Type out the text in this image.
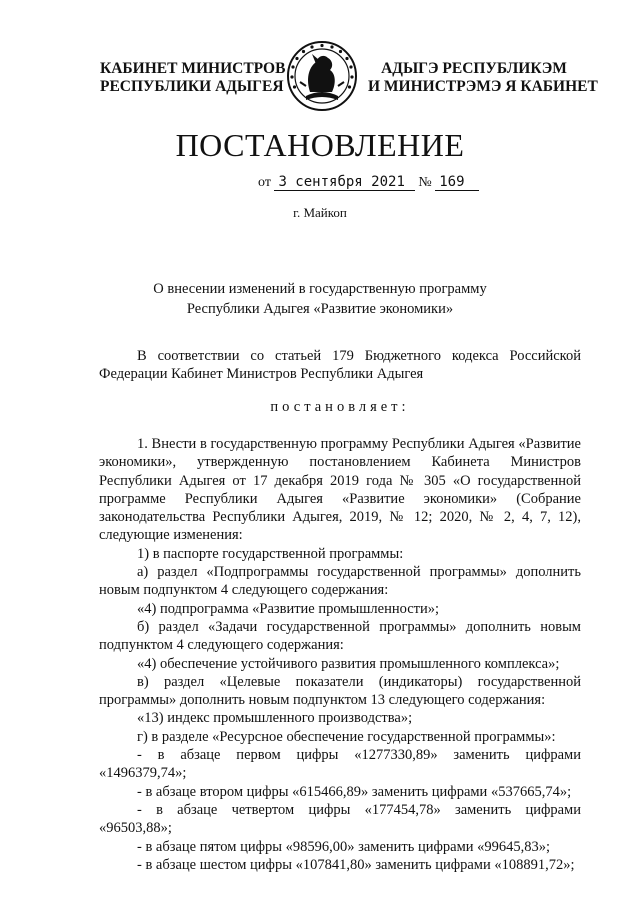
КАБИНЕТ МИНИСТРОВ
РЕСПУБЛИКИ АДЫГЕЯ
АДЫГЭ РЕСПУБЛИКЭМ
И МИНИСТРЭМЭ Я КАБИНЕТ
ПОСТАНОВЛЕНИЕ
от 3 сентября 2021 № 169
г. Майкоп
О внесении изменений в государственную программу
Республики Адыгея «Развитие экономики»
В соответствии со статьей 179 Бюджетного кодекса Российской Федерации Кабинет Министров Республики Адыгея
постановляет:
1. Внести в государственную программу Республики Адыгея «Развитие экономики», утвержденную постановлением Кабинета Министров Республики Адыгея от 17 декабря 2019 года № 305 «О государственной программе Республики Адыгея «Развитие экономики» (Собрание законодательства Республики Адыгея, 2019, № 12; 2020, № 2, 4, 7, 12), следующие изменения:
1) в паспорте государственной программы:
а) раздел «Подпрограммы государственной программы» дополнить новым подпунктом 4 следующего содержания:
«4) подпрограмма «Развитие промышленности»;
б) раздел «Задачи государственной программы» дополнить новым подпунктом 4 следующего содержания:
«4) обеспечение устойчивого развития промышленного комплекса»;
в) раздел «Целевые показатели (индикаторы) государственной программы» дополнить новым подпунктом 13 следующего содержания:
«13) индекс промышленного производства»;
г) в разделе «Ресурсное обеспечение государственной программы»:
- в абзаце первом цифры «1277330,89» заменить цифрами «1496379,74»;
- в абзаце втором цифры «615466,89» заменить цифрами «537665,74»;
- в абзаце четвертом цифры «177454,78» заменить цифрами «96503,88»;
- в абзаце пятом цифры «98596,00» заменить цифрами «99645,83»;
- в абзаце шестом цифры «107841,80» заменить цифрами «108891,72»;
